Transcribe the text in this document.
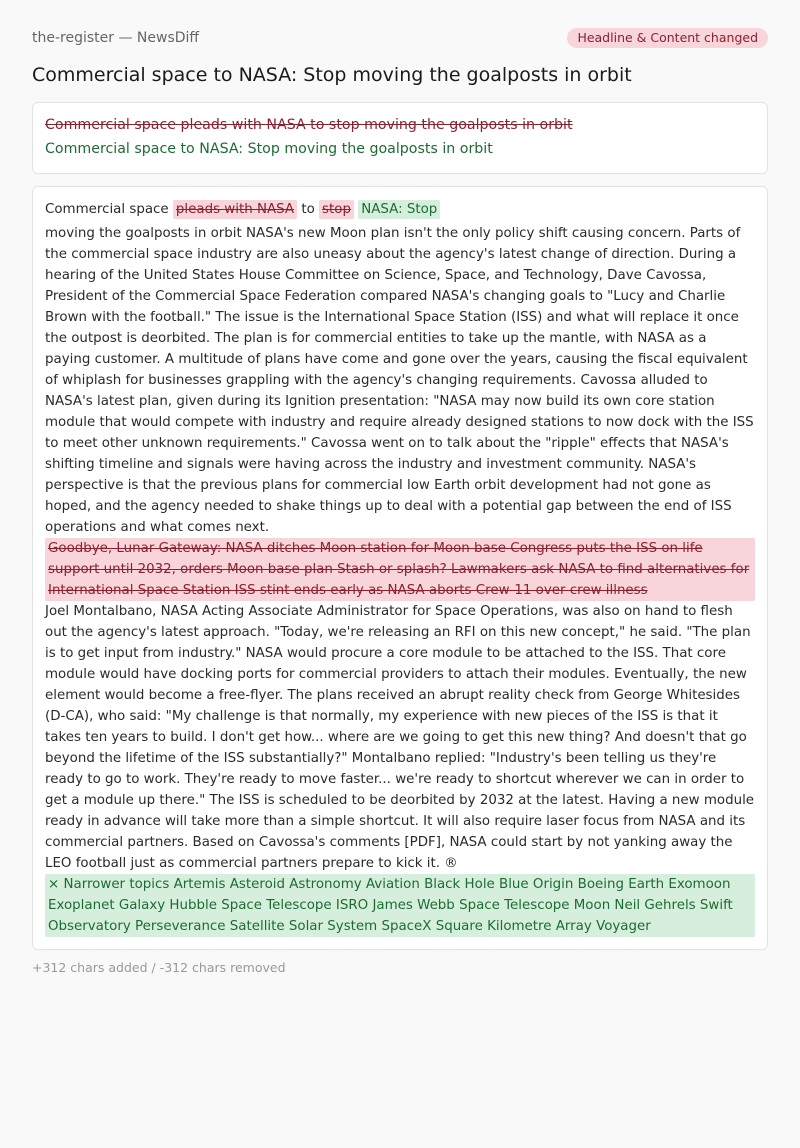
the-register — NewsDiff	Headline & Content changed
Commercial space to NASA: Stop moving the goalposts in orbit
Commercial space pleads with NASA to stop moving the goalposts in orbit
Commercial space to NASA: Stop moving the goalposts in orbit
Commercial space pleads with NASA to stop NASA: Stop

moving the goalposts in orbit NASA's new Moon plan isn't the only policy shift causing concern. Parts of the commercial space industry are also uneasy about the agency's latest change of direction. During a hearing of the United States House Committee on Science, Space, and Technology, Dave Cavossa, President of the Commercial Space Federation compared NASA's changing goals to "Lucy and Charlie Brown with the football." The issue is the International Space Station (ISS) and what will replace it once the outpost is deorbited. The plan is for commercial entities to take up the mantle, with NASA as a paying customer. A multitude of plans have come and gone over the years, causing the fiscal equivalent of whiplash for businesses grappling with the agency's changing requirements. Cavossa alluded to NASA's latest plan, given during its Ignition presentation: "NASA may now build its own core station module that would compete with industry and require already designed stations to now dock with the ISS to meet other unknown requirements." Cavossa went on to talk about the "ripple" effects that NASA's shifting timeline and signals were having across the industry and investment community. NASA's perspective is that the previous plans for commercial low Earth orbit development had not gone as hoped, and the agency needed to shake things up to deal with a potential gap between the end of ISS operations and what comes next.

Goodbye, Lunar Gateway: NASA ditches Moon station for Moon base Congress puts the ISS on life support until 2032, orders Moon base plan Stash or splash? Lawmakers ask NASA to find alternatives for International Space Station ISS stint ends early as NASA aborts Crew-11 over crew illness

Joel Montalbano, NASA Acting Associate Administrator for Space Operations, was also on hand to flesh out the agency's latest approach. "Today, we're releasing an RFI on this new concept," he said. "The plan is to get input from industry." NASA would procure a core module to be attached to the ISS. That core module would have docking ports for commercial providers to attach their modules. Eventually, the new element would become a free-flyer. The plans received an abrupt reality check from George Whitesides (D-CA), who said: "My challenge is that normally, my experience with new pieces of the ISS is that it takes ten years to build. I don't get how... where are we going to get this new thing? And doesn't that go beyond the lifetime of the ISS substantially?" Montalbano replied: "Industry's been telling us they're ready to go to work. They're ready to move faster... we're ready to shortcut wherever we can in order to get a module up there." The ISS is scheduled to be deorbited by 2032 at the latest. Having a new module ready in advance will take more than a simple shortcut. It will also require laser focus from NASA and its commercial partners. Based on Cavossa's comments [PDF], NASA could start by not yanking away the LEO football just as commercial partners prepare to kick it. ®

× Narrower topics Artemis Asteroid Astronomy Aviation Black Hole Blue Origin Boeing Earth Exomoon Exoplanet Galaxy Hubble Space Telescope ISRO James Webb Space Telescope Moon Neil Gehrels Swift Observatory Perseverance Satellite Solar System SpaceX Square Kilometre Array Voyager
+312 chars added / -312 chars removed
